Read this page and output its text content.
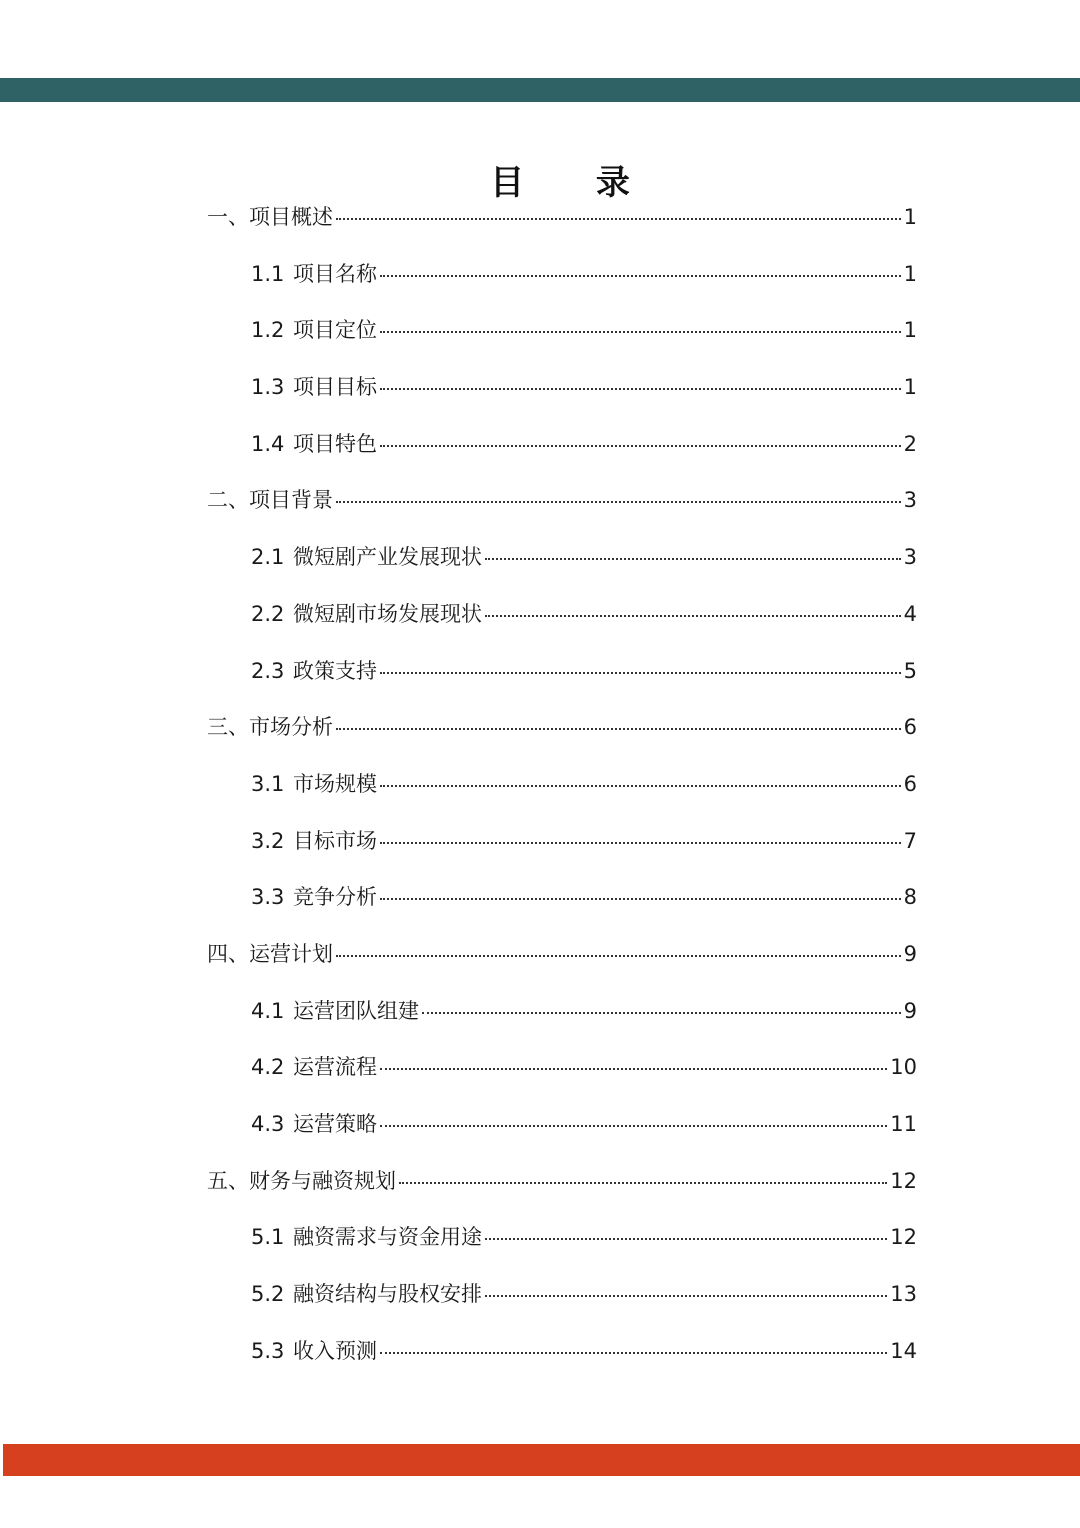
目 录
一、项目概述	1
1.1 项目名称	1
1.2 项目定位	1
1.3 项目目标	1
1.4 项目特色	2
二、项目背景	3
2.1 微短剧产业发展现状	3
2.2 微短剧市场发展现状	4
2.3 政策支持	5
三、市场分析	6
3.1 市场规模	6
3.2 目标市场	7
3.3 竞争分析	8
四、运营计划	9
4.1 运营团队组建	9
4.2 运营流程	10
4.3 运营策略	11
五、财务与融资规划	12
5.1 融资需求与资金用途	12
5.2 融资结构与股权安排	13
5.3 收入预测	14
